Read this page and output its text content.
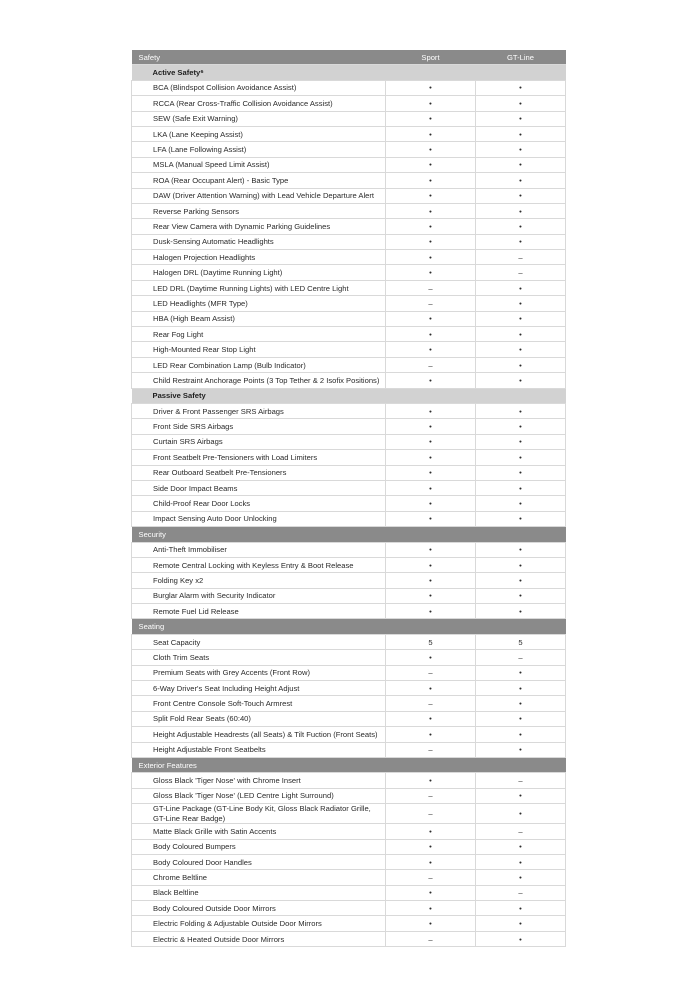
Safety	Sport	GT-Line
Active Safety⁶		
BCA (Blindspot Collision Avoidance Assist)	•	•
RCCA (Rear Cross-Traffic Collision Avoidance Assist)	•	•
SEW (Safe Exit Warning)	•	•
LKA (Lane Keeping Assist)	•	•
LFA (Lane Following Assist)	•	•
MSLA (Manual Speed Limit Assist)	•	•
ROA (Rear Occupant Alert) - Basic Type	•	•
DAW (Driver Attention Warning) with Lead Vehicle Departure Alert	•	•
Reverse Parking Sensors	•	•
Rear View Camera with Dynamic Parking Guidelines	•	•
Dusk-Sensing Automatic Headlights	•	•
Halogen Projection Headlights	•	–
Halogen DRL (Daytime Running Light)	•	–
LED DRL (Daytime Running Lights) with LED Centre Light	–	•
LED Headlights (MFR Type)	–	•
HBA (High Beam Assist)	•	•
Rear Fog Light	•	•
High-Mounted Rear Stop Light	•	•
LED Rear Combination Lamp (Bulb Indicator)	–	•
Child Restraint Anchorage Points (3 Top Tether & 2 Isofix Positions)	•	•
Passive Safety		
Driver & Front Passenger SRS Airbags	•	•
Front Side SRS Airbags	•	•
Curtain SRS Airbags	•	•
Front Seatbelt Pre-Tensioners with Load Limiters	•	•
Rear Outboard Seatbelt Pre-Tensioners	•	•
Side Door Impact Beams	•	•
Child-Proof Rear Door Locks	•	•
Impact Sensing Auto Door Unlocking	•	•
Security		
Anti-Theft Immobiliser	•	•
Remote Central Locking with Keyless Entry & Boot Release	•	•
Folding Key x2	•	•
Burglar Alarm with Security Indicator	•	•
Remote Fuel Lid Release	•	•
Seating		
Seat Capacity	5	5
Cloth Trim Seats	•	–
Premium Seats with Grey Accents (Front Row)	–	•
6-Way Driver's Seat Including Height Adjust	•	•
Front Centre Console Soft-Touch Armrest	–	•
Split Fold Rear Seats (60:40)	•	•
Height Adjustable Headrests (all Seats) & Tilt Fuction (Front Seats)	•	•
Height Adjustable Front Seatbelts	–	•
Exterior Features		
Gloss Black 'Tiger Nose' with Chrome Insert	•	–
Gloss Black 'Tiger Nose' (LED Centre Light Surround)	–	•
GT-Line Package (GT-Line Body Kit, Gloss Black Radiator Grille,
GT-Line Rear Badge)	–	•
Matte Black Grille with Satin Accents	•	–
Body Coloured Bumpers	•	•
Body Coloured Door Handles	•	•
Chrome Beltline	–	•
Black Beltline	•	–
Body Coloured Outside Door Mirrors	•	•
Electric Folding & Adjustable Outside Door Mirrors	•	•
Electric & Heated Outside Door Mirrors	–	•
